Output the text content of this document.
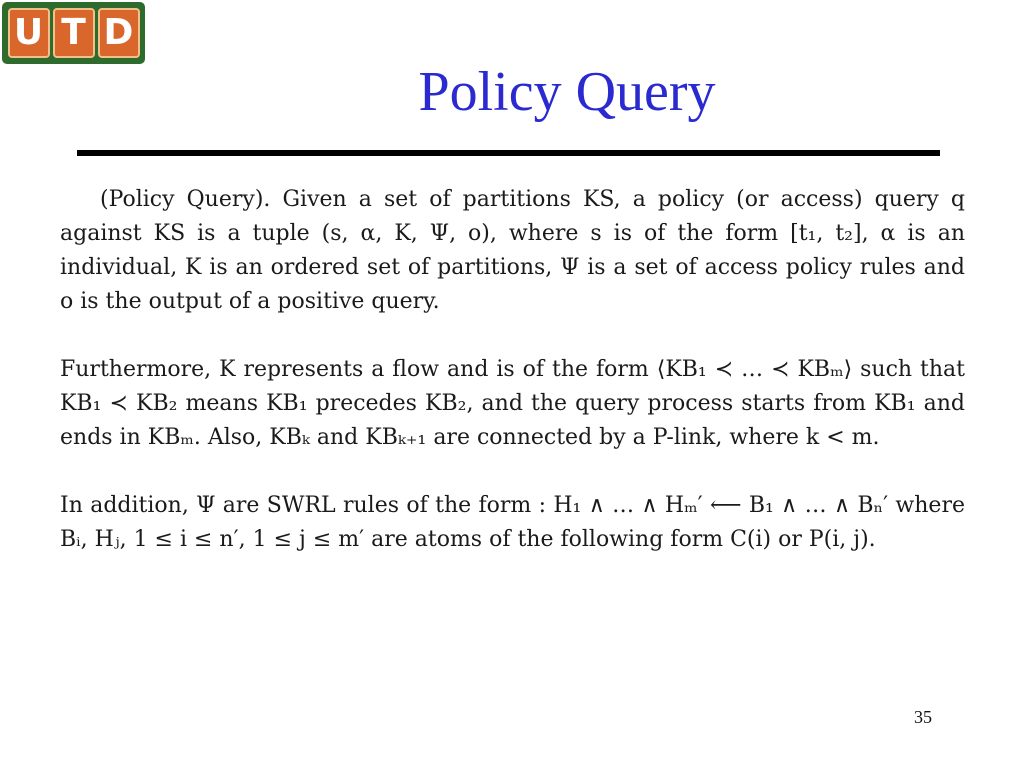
U T D
Policy Query

(Policy Query). Given a set of partitions KS, a policy (or access) query q against KS is a tuple (s, α, K, Ψ, o), where s is of the form [t₁, t₂], α is an individual, K is an ordered set of partitions, Ψ is a set of access policy rules and o is the output of a positive query.

Furthermore, K represents a flow and is of the form ⟨KB₁ ≺ … ≺ KBₘ⟩ such that KB₁ ≺ KB₂ means KB₁ precedes KB₂, and the query process starts from KB₁ and ends in KBₘ. Also, KBₖ and KBₖ₊₁ are connected by a P-link, where k < m.

In addition, Ψ are SWRL rules of the form : H₁ ∧ … ∧ Hₘ′ ⟵ B₁ ∧ … ∧ Bₙ′ where Bᵢ, Hⱼ, 1 ≤ i ≤ n′, 1 ≤ j ≤ m′ are atoms of the following form C(i) or P(i, j).

35
